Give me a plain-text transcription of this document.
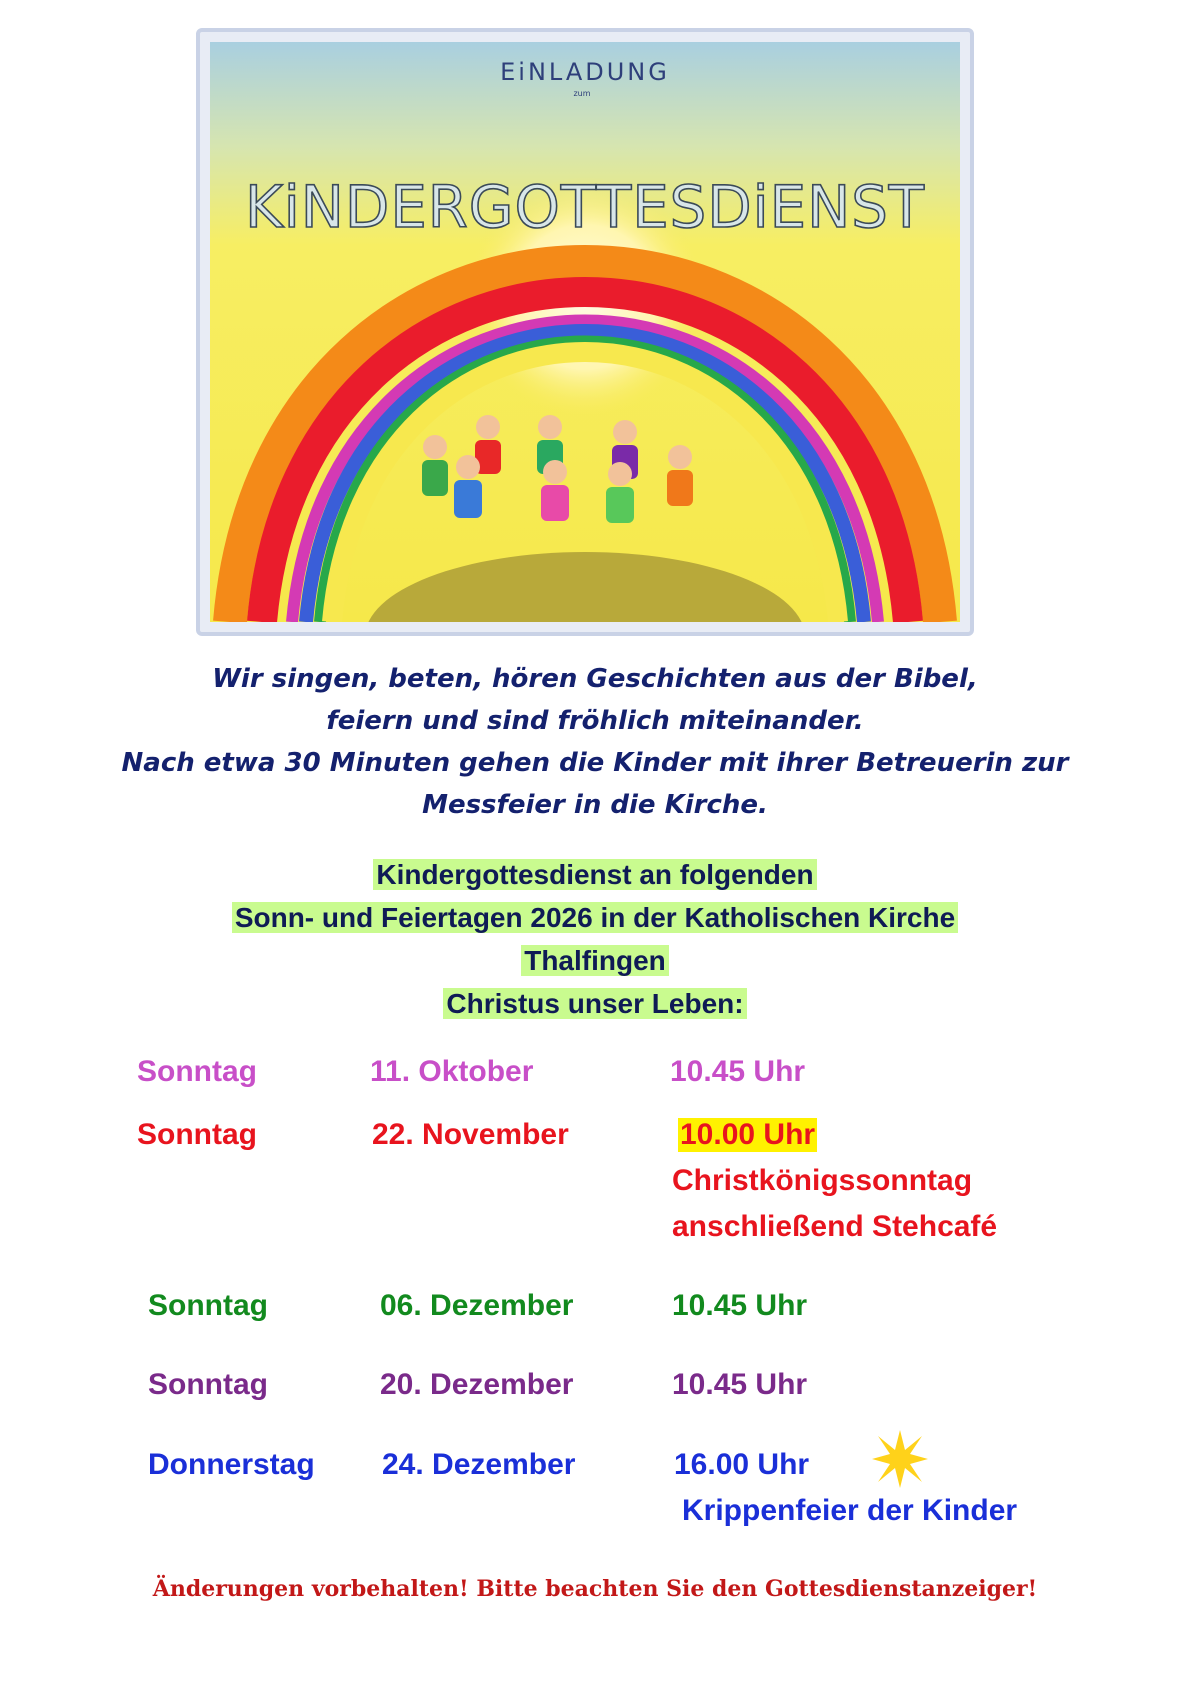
EiNLADUNG
zum
KiNDERGOTTESDiENST
Wir singen, beten, hören Geschichten aus der Bibel,
feiern und sind fröhlich miteinander.
Nach etwa 30 Minuten gehen die Kinder mit ihrer Betreuerin zur
Messfeier in die Kirche.
Kindergottesdienst an folgenden
Sonn- und Feiertagen 2026 in der Katholischen Kirche
Thalfingen
Christus unser Leben:
Sonntag	11. Oktober	10.45 Uhr
Sonntag	22. November	10.00 Uhr
Christkönigssonntag
anschließend Stehcafé
Sonntag	06. Dezember	10.45 Uhr
Sonntag	20. Dezember	10.45 Uhr
Donnerstag 24. Dezember	16.00 Uhr
Krippenfeier der Kinder
Änderungen vorbehalten! Bitte beachten Sie den Gottesdienstanzeiger!
